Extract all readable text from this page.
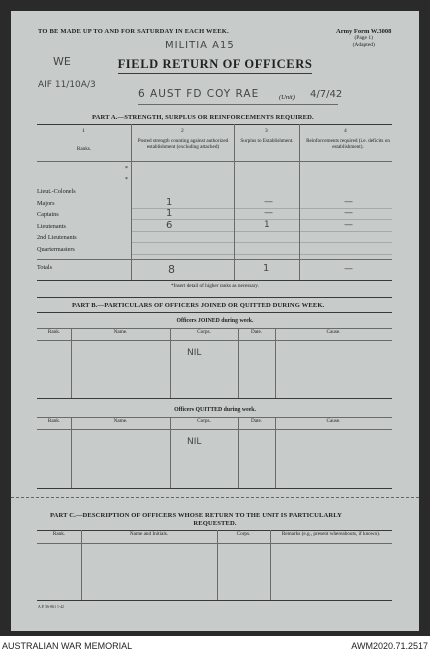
TO BE MADE UP TO AND FOR SATURDAY IN EACH WEEK.	Army Form W.3008
(Page 1)
(Adapted)
MILITIA A15
WE
AIF 11/10A/3
FIELD RETURN OF OFFICERS
6 AUST FD COY RAE	(Unit) 4/7/42
PART A.—STRENGTH, SURPLUS OR REINFORCEMENTS REQUIRED.
1	2	3	4
Ranks.
Posted strength counting against authorized establishment (excluding attached)
Surplus to Establishment.	Reinforcements required (i.e. deficits on establishment).
*
*
Lieut.-Colonels
Majors	1	—	—
Captains	1	—	—
Lieutenants	6	1	—
2nd Lieutenants
Quartermasters
Totals	8	1	—
*Insert detail of higher ranks as necessary.
PART B.—PARTICULARS OF OFFICERS JOINED OR QUITTED DURING WEEK.
Officers JOINED during week.
Rank.	Name.	Corps.	Date.	Cause.
NIL
Officers QUITTED during week.
Rank.	Name.	Corps.	Date.	Cause.
NIL
PART C.—DESCRIPTION OF OFFICERS WHOSE RETURN TO THE UNIT IS PARTICULARLY
REQUESTED.
Rank.	Name and Initials.	Corps.	Remarks (e.g., present whereabouts, if known).
A.P. 56-861 1-42
AUSTRALIAN WAR MEMORIAL	AWM2020.71.2517
